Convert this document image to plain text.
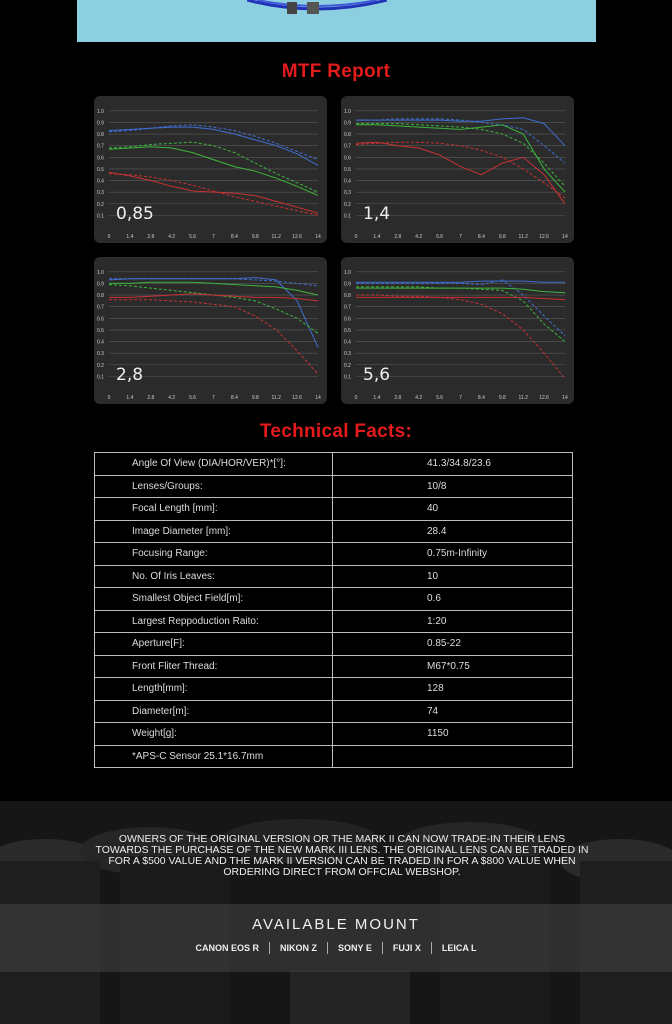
MTF Report
1.0
0.9
0.8
0.7
0.6
0.5
0.4
0.3
0.2
0.1
0	1.4	2.8	4.2	5.6	7	8.4	9.8	11.2 12.6	14
0,85
1.0
0.9
0.8
0.7
0.6
0.5
0.4
0.3
0.2
0.1
0	1.4	2.8	4.2	5.6	7	8.4	9.8	11.2 12.6	14
1,4
1.0
0.9
0.8
0.7
0.6
0.5
0.4
0.3
0.2
0.1
0	1.4	2.8	4.2	5.6	7	8.4	9.8	11.2 12.6	14
2,8
1.0
0.9
0.8
0.7
0.6
0.5
0.4
0.3
0.2
0.1
0	1.4	2.8	4.2	5.6	7	8.4	9.8	11.2 12.6	14
5,6
Technical Facts:
Angle Of View (DIA/HOR/VER)*[°]:	41.3/34.8/23.6
Lenses/Groups:	10/8
Focal Length [mm]:	40
Image Diameter [mm]:	28.4
Focusing Range:	0.75m-Infinity
No. Of Iris Leaves:	10
Smallest Object Field[m]:	0.6
Largest Reppoduction Raito:	1:20
Aperture[F]:	0.85-22
Front Fliter Thread:	M67*0.75
Length[mm]:	128
Diameter[m]:	74
Weight[g]:	1150
*APS-C Sensor 25.1*16.7mm	
OWNERS OF THE ORIGINAL VERSION OR THE MARK II CAN NOW TRADE-IN THEIR LENS TOWARDS THE PURCHASE OF THE NEW MARK III LENS. THE ORIGINAL LENS CAN BE TRADED IN FOR A $500 VALUE AND THE MARK II VERSION CAN BE TRADED IN FOR A $800 VALUE WHEN ORDERING DIRECT FROM OFFCIAL WEBSHOP.
AVAILABLE MOUNT
CANON EOS R	NIKON Z	SONY E	FUJI X	LEICA L
